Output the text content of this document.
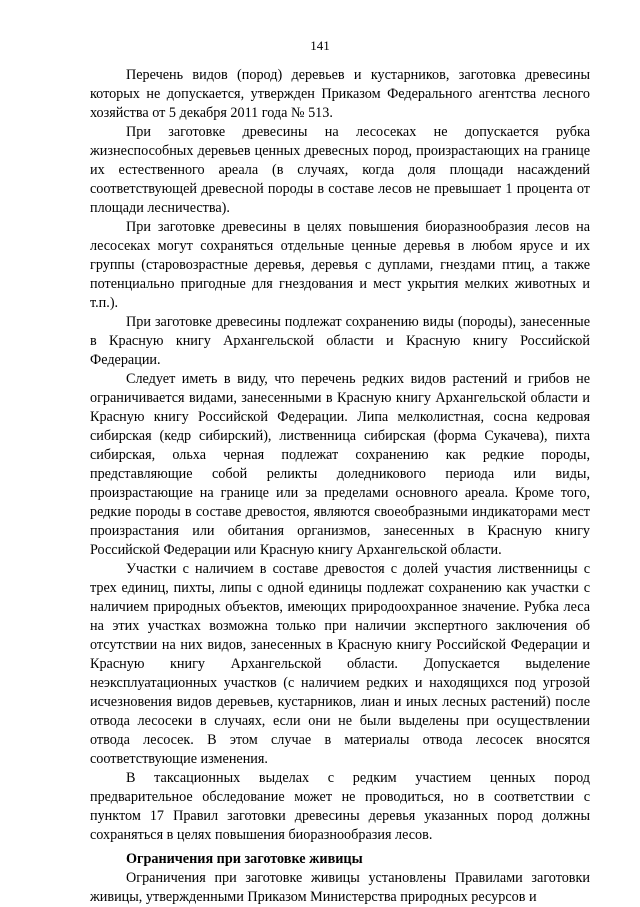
141

Перечень видов (пород) деревьев и кустарников, заготовка древесины которых не допускается, утвержден Приказом Федерального агентства лесного хозяйства от 5 декабря 2011 года № 513.

При заготовке древесины на лесосеках не допускается рубка жизнеспособных деревьев ценных древесных пород, произрастающих на границе их естественного ареала (в случаях, когда доля площади насаждений соответствующей древесной породы в составе лесов не превышает 1 процента от площади лесничества).

При заготовке древесины в целях повышения биоразнообразия лесов на лесосеках могут сохраняться отдельные ценные деревья в любом ярусе и их группы (старовозрастные деревья, деревья с дуплами, гнездами птиц, а также потенциально пригодные для гнездования и мест укрытия мелких животных и т.п.).

При заготовке древесины подлежат сохранению виды (породы), занесенные в Красную книгу Архангельской области и Красную книгу Российской Федерации.

Следует иметь в виду, что перечень редких видов растений и грибов не ограничивается видами, занесенными в Красную книгу Архангельской области и Красную книгу Российской Федерации. Липа мелколистная, сосна кедровая сибирская (кедр сибирский), лиственница сибирская (форма Сукачева), пихта сибирская, ольха черная подлежат сохранению как редкие породы, представляющие собой реликты доледникового периода или виды, произрастающие на границе или за пределами основного ареала. Кроме того, редкие породы в составе древостоя, являются своеобразными индикаторами мест произрастания или обитания организмов, занесенных в Красную книгу Российской Федерации или Красную книгу Архангельской области.

Участки с наличием в составе древостоя с долей участия лиственницы с трех единиц, пихты, липы с одной единицы подлежат сохранению как участки с наличием природных объектов, имеющих природоохранное значение. Рубка леса на этих участках возможна только при наличии экспертного заключения об отсутствии на них видов, занесенных в Красную книгу Российской Федерации и Красную книгу Архангельской области. Допускается выделение неэксплуатационных участков (с наличием редких и находящихся под угрозой исчезновения видов деревьев, кустарников, лиан и иных лесных растений) после отвода лесосеки в случаях, если они не были выделены при осуществлении отвода лесосек. В этом случае в материалы отвода лесосек вносятся соответствующие изменения.

В таксационных выделах с редким участием ценных пород предварительное обследование может не проводиться, но в соответствии с пунктом 17 Правил заготовки древесины деревья указанных пород должны сохраняться в целях повышения биоразнообразия лесов.

Ограничения при заготовке живицы

Ограничения при заготовке живицы установлены Правилами заготовки живицы, утвержденными Приказом Министерства природных ресурсов и
